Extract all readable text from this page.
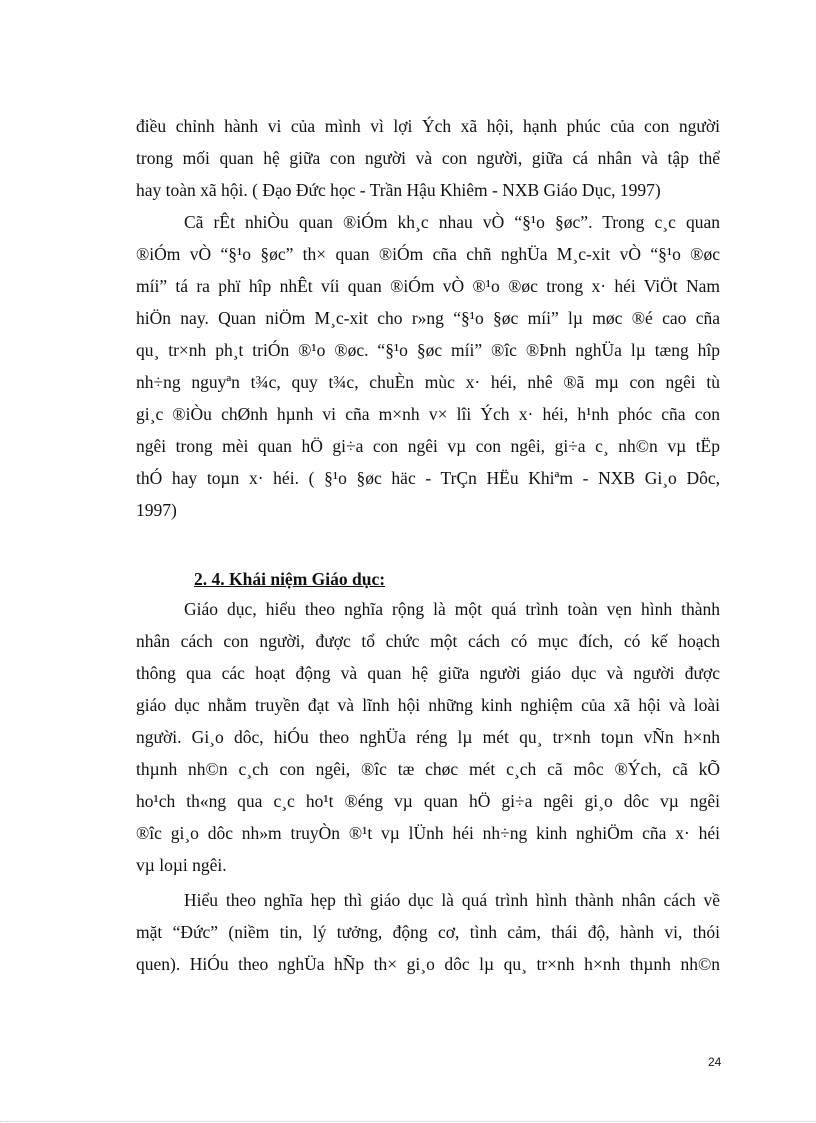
điều chỉnh hành vi của mình vì lợi Ých xã hội, hạnh phúc của con người
trong mối quan hệ giữa con người và con người, giữa cá nhân và tập thể
hay toàn xã hội. ( Đạo Đức học - Trần Hậu Khiêm - NXB Giáo Dục, 1997)
Cã rÊt nhiÒu quan ®iÓm kh¸c nhau vÒ “§¹o §øc”. Trong c¸c quan
®iÓm vÒ “§¹o §øc” th× quan ®iÓm cña chñ nghÜa M¸c-xit vÒ “§¹o ®øc
míi” tá ra phï hîp nhÊt víi quan ®iÓm vÒ ®¹o ®øc trong x· héi ViÖt Nam
hiÖn nay. Quan niÖm M¸c-xit cho r»ng “§¹o §øc míi” lµ møc ®é cao cña
qu¸ tr×nh ph¸t triÓn ®¹o ®øc. “§¹o §øc míi” ®îc ®Þnh nghÜa lµ tæng hîp
nh÷ng nguyªn t¾c, quy t¾c, chuÈn mùc x· héi, nhê ®ã mµ con ngêi tù
gi¸c ®iÒu chØnh hµnh vi cña m×nh v× lîi Ých x· héi, h¹nh phóc cña con
ngêi trong mèi quan hÖ gi÷a con ngêi vµ con ngêi, gi÷a c¸ nh©n vµ tËp
thÓ hay toµn x· héi. ( §¹o §øc häc - TrÇn HËu Khiªm - NXB Gi¸o Dôc,
1997)
2. 4. Khái niệm Giáo dục:
Giáo dục, hiểu theo nghĩa rộng là một quá trình toàn vẹn hình thành
nhân cách con người, được tổ chức một cách có mục đích, có kế hoạch
thông qua các hoạt động và quan hệ giữa người giáo dục và người được
giáo dục nhằm truyền đạt và lĩnh hội những kinh nghiệm của xã hội và loài
người. Gi¸o dôc, hiÓu theo nghÜa réng lµ mét qu¸ tr×nh toµn vÑn h×nh
thµnh nh©n c¸ch con ngêi, ®îc tæ chøc mét c¸ch cã môc ®Ých, cã kÕ
ho¹ch th«ng qua c¸c ho¹t ®éng vµ quan hÖ gi÷a ngêi gi¸o dôc vµ ngêi
®îc gi¸o dôc nh»m truyÒn ®¹t vµ lÜnh héi nh÷ng kinh nghiÖm cña x· héi
vµ loµi ngêi.
Hiểu theo nghĩa hẹp thì giáo dục là quá trình hình thành nhân cách về
mặt “Đức” (niềm tin, lý tưởng, động cơ, tình cảm, thái độ, hành vi, thói
quen). HiÓu theo nghÜa hÑp th× gi¸o dôc lµ qu¸ tr×nh h×nh thµnh nh©n
24
